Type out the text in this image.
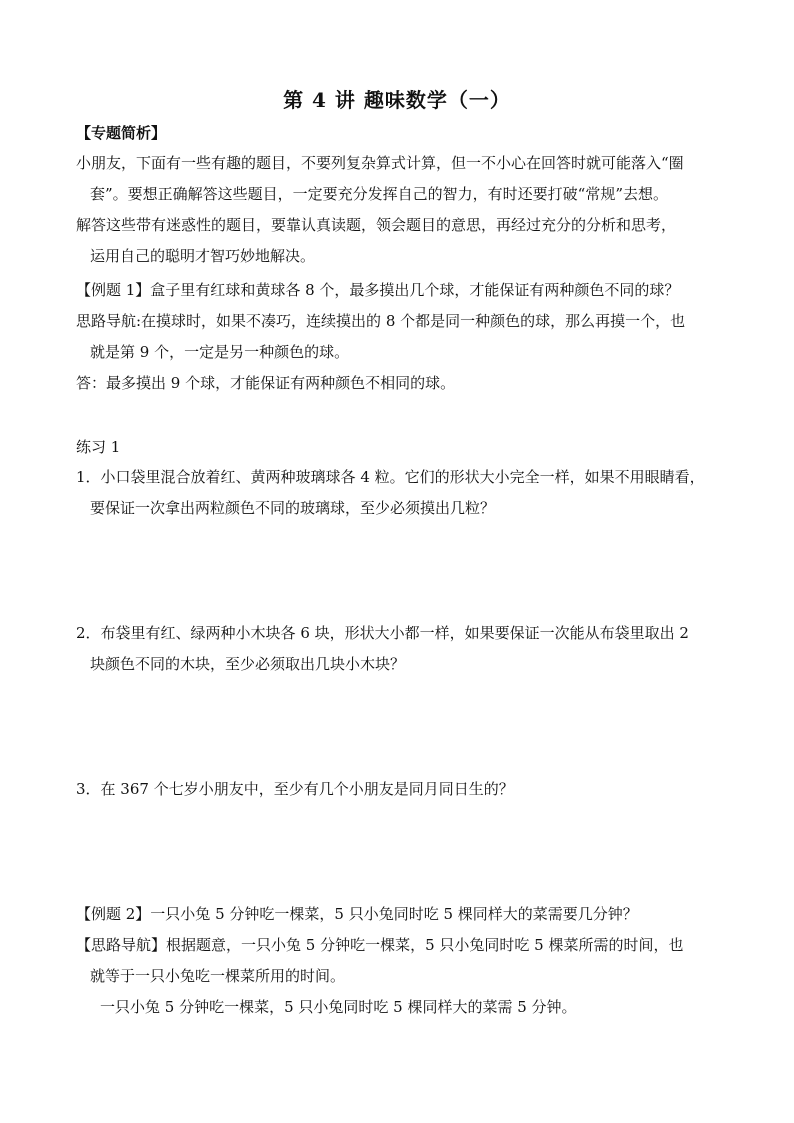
第 4 讲 趣味数学（一）
【专题简析】
小朋友，下面有一些有趣的题目，不要列复杂算式计算，但一不小心在回答时就可能落入“圈
套”。要想正确解答这些题目，一定要充分发挥自己的智力，有时还要打破“常规”去想。
解答这些带有迷惑性的题目，要靠认真读题，领会题目的意思，再经过充分的分析和思考，
运用自己的聪明才智巧妙地解决。
【例题 1】盒子里有红球和黄球各 8 个，最多摸出几个球，才能保证有两种颜色不同的球？
思路导航:在摸球时，如果不凑巧，连续摸出的 8 个都是同一种颜色的球，那么再摸一个，也
就是第 9 个，一定是另一种颜色的球。
答：最多摸出 9 个球，才能保证有两种颜色不相同的球。
练习 1
1．小口袋里混合放着红、黄两种玻璃球各 4 粒。它们的形状大小完全一样，如果不用眼睛看，
要保证一次拿出两粒颜色不同的玻璃球，至少必须摸出几粒？
2．布袋里有红、绿两种小木块各 6 块，形状大小都一样，如果要保证一次能从布袋里取出 2
块颜色不同的木块，至少必须取出几块小木块？
3．在 367 个七岁小朋友中，至少有几个小朋友是同月同日生的？
【例题 2】一只小兔 5 分钟吃一棵菜，5 只小兔同时吃 5 棵同样大的菜需要几分钟？
【思路导航】根据题意，一只小兔 5 分钟吃一棵菜，5 只小兔同时吃 5 棵菜所需的时间，也
就等于一只小兔吃一棵菜所用的时间。
一只小兔 5 分钟吃一棵菜，5 只小兔同时吃 5 棵同样大的菜需 5 分钟。
